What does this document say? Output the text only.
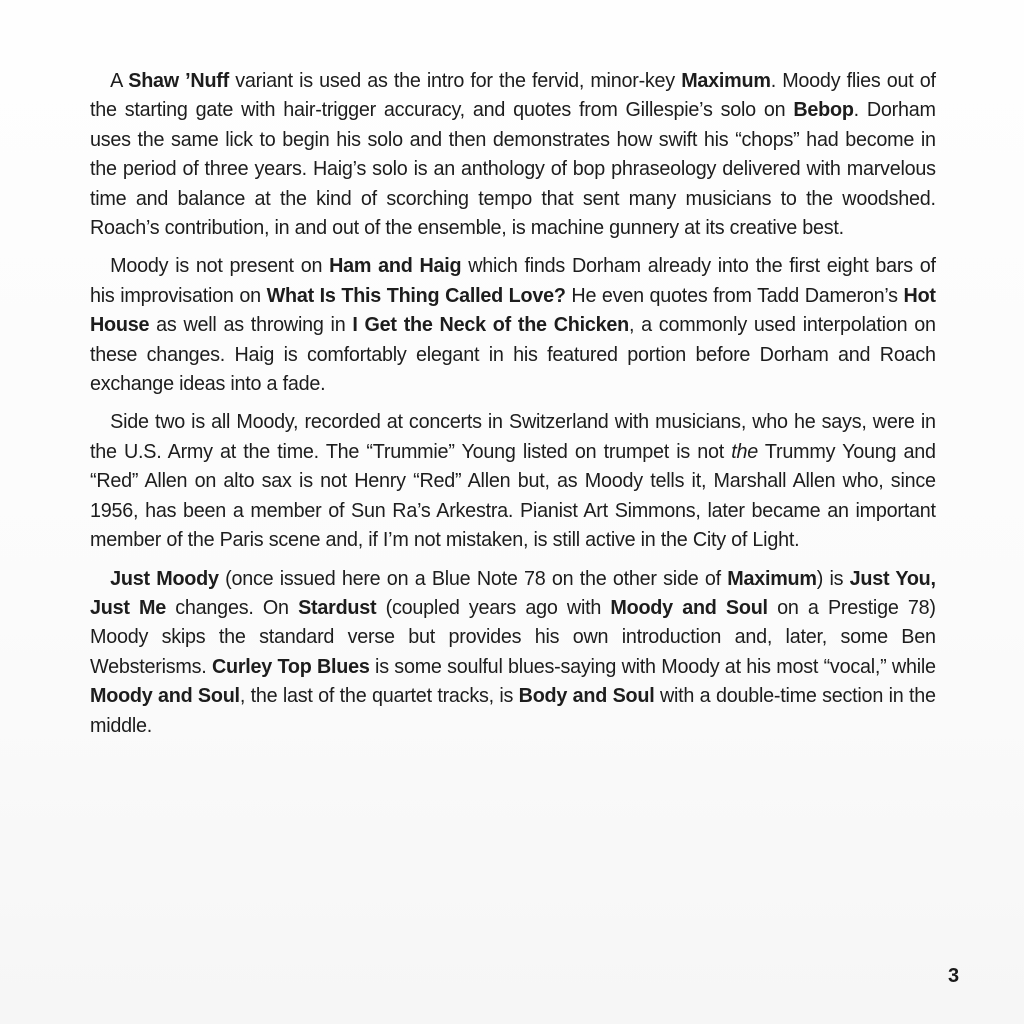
A Shaw ’Nuff variant is used as the intro for the fervid, minor-key Maximum. Moody flies out of the starting gate with hair-trigger accuracy, and quotes from Gillespie’s solo on Bebop. Dorham uses the same lick to begin his solo and then demonstrates how swift his “chops” had become in the period of three years. Haig’s solo is an anthology of bop phraseology delivered with marvelous time and balance at the kind of scorching tempo that sent many musicians to the woodshed. Roach’s contribution, in and out of the ensemble, is machine gunnery at its creative best.

Moody is not present on Ham and Haig which finds Dorham already into the first eight bars of his improvisation on What Is This Thing Called Love? He even quotes from Tadd Dameron’s Hot House as well as throwing in I Get the Neck of the Chicken, a commonly used interpolation on these changes. Haig is comfortably elegant in his featured portion before Dorham and Roach exchange ideas into a fade.

Side two is all Moody, recorded at concerts in Switzerland with musicians, who he says, were in the U.S. Army at the time. The “Trummie” Young listed on trumpet is not the Trummy Young and “Red” Allen on alto sax is not Henry “Red” Allen but, as Moody tells it, Marshall Allen who, since 1956, has been a member of Sun Ra’s Arkestra. Pianist Art Simmons, later became an important member of the Paris scene and, if I’m not mistaken, is still active in the City of Light.

Just Moody (once issued here on a Blue Note 78 on the other side of Maximum) is Just You, Just Me changes. On Stardust (coupled years ago with Moody and Soul on a Prestige 78) Moody skips the standard verse but provides his own introduction and, later, some Ben Websterisms. Curley Top Blues is some soulful blues-saying with Moody at his most “vocal,” while Moody and Soul, the last of the quartet tracks, is Body and Soul with a double-time section in the middle.

3
